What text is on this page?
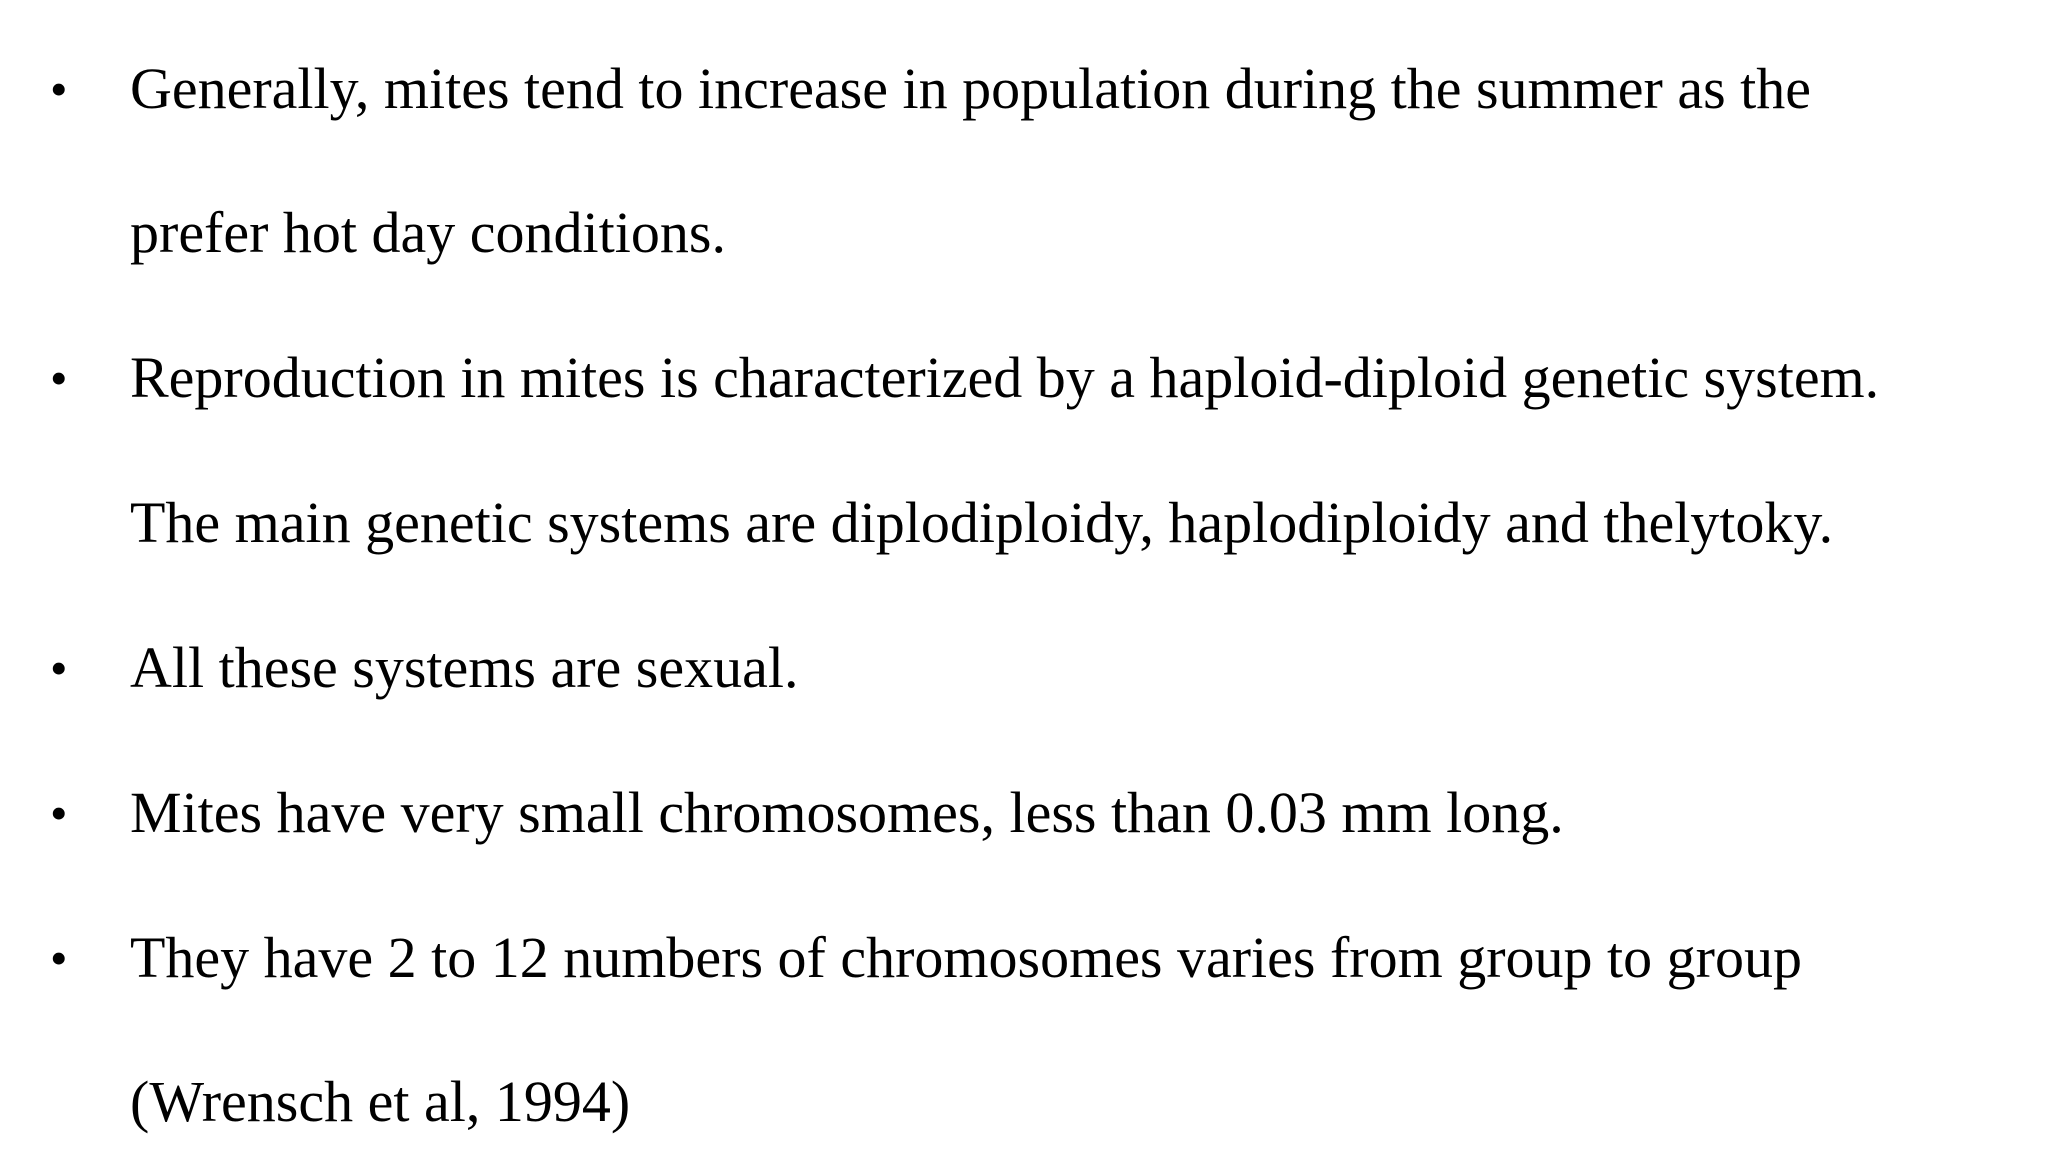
• Generally, mites tend to increase in population during the summer as the
prefer hot day conditions.
• Reproduction in mites is characterized by a haploid-diploid genetic system.
The main genetic systems are diplodiploidy, haplodiploidy and thelytoky.
• All these systems are sexual.
• Mites have very small chromosomes, less than 0.03 mm long.
• They have 2 to 12 numbers of chromosomes varies from group to group
(Wrensch et al, 1994)
